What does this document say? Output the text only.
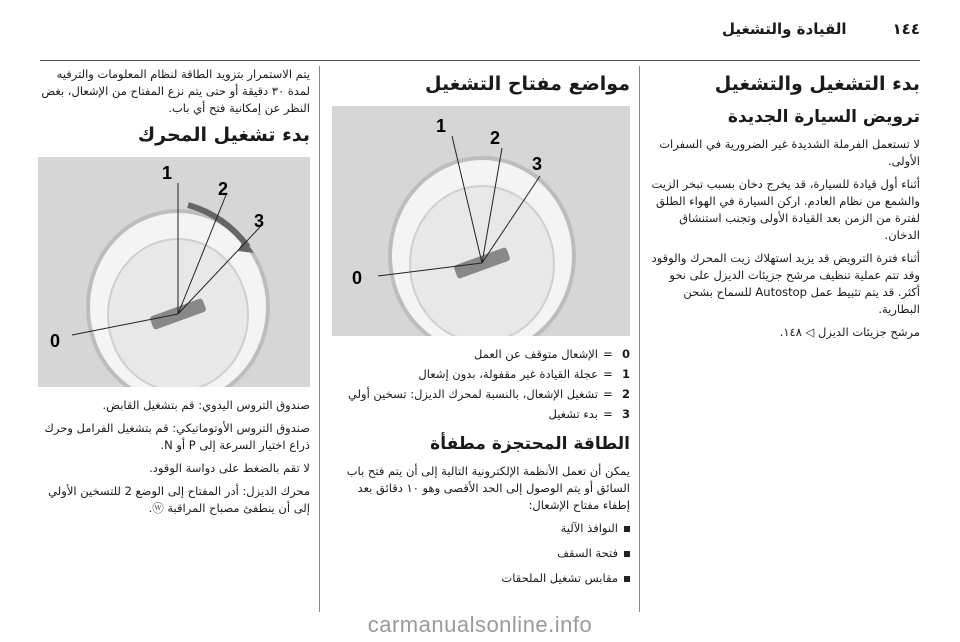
١٤٤
القيادة والتشغيل
بدء التشغيل والتشغيل
ترويض السيارة الجديدة

لا تستعمل الفرملة الشديدة غير الضرورية في السفرات الأولى.

أثناء أول قيادة للسيارة، قد يخرج دخان بسبب تبخر الزيت والشمع من نظام العادم. اركن السيارة في الهواء الطلق لفترة من الزمن بعد القيادة الأولى وتجنب استنشاق الدخان.

أثناء فترة الترويض قد يزيد استهلاك زيت المحرك والوقود وقد تتم عملية تنظيف مرشح جزيئات الديزل على نحو أكثر. قد يتم تثبيط عمل Autostop للسماح بشحن البطارية.

مرشح جزيئات الديزل ◁ ١٤٨.

مواضع مفتاح التشغيل
0
1
2
3
0
=
الإشعال متوقف عن العمل
1
=
عجلة القيادة غير مقفولة، بدون إشعال
2
=
تشغيل الإشعال، بالنسبة لمحرك الديزل: تسخين أولي
3
=
بدء تشغيل
الطاقة المحتجزة مطفأة

يمكن أن تعمل الأنظمة الإلكترونية التالية إلى أن يتم فتح باب السائق أو يتم الوصول إلى الحد الأقصى وهو ١٠ دقائق بعد إطفاء مفتاح الإشعال:

النوافذ الآلية
فتحة السقف
مقابس تشغيل الملحقات

يتم الاستمرار بتزويد الطاقة لنظام المعلومات والترفيه لمدة ٣٠ دقيقة أو حتى يتم نزع المفتاح من الإشعال، بغض النظر عن إمكانية فتح أي باب.

بدء تشغيل المحرك
0
1
2
3

صندوق التروس اليدوي: قم بتشغيل القابض.

صندوق التروس الأوتوماتيكي: قم بتشغيل الفرامل وحرك ذراع اختيار السرعة إلى P أو N.

لا تقم بالضغط على دواسة الوقود.

محرك الديزل: أدر المفتاح إلى الوضع 2 للتسخين الأولي إلى أن ينطفئ مصباح المراقبة ⓦ.

carmanualsonline.info
